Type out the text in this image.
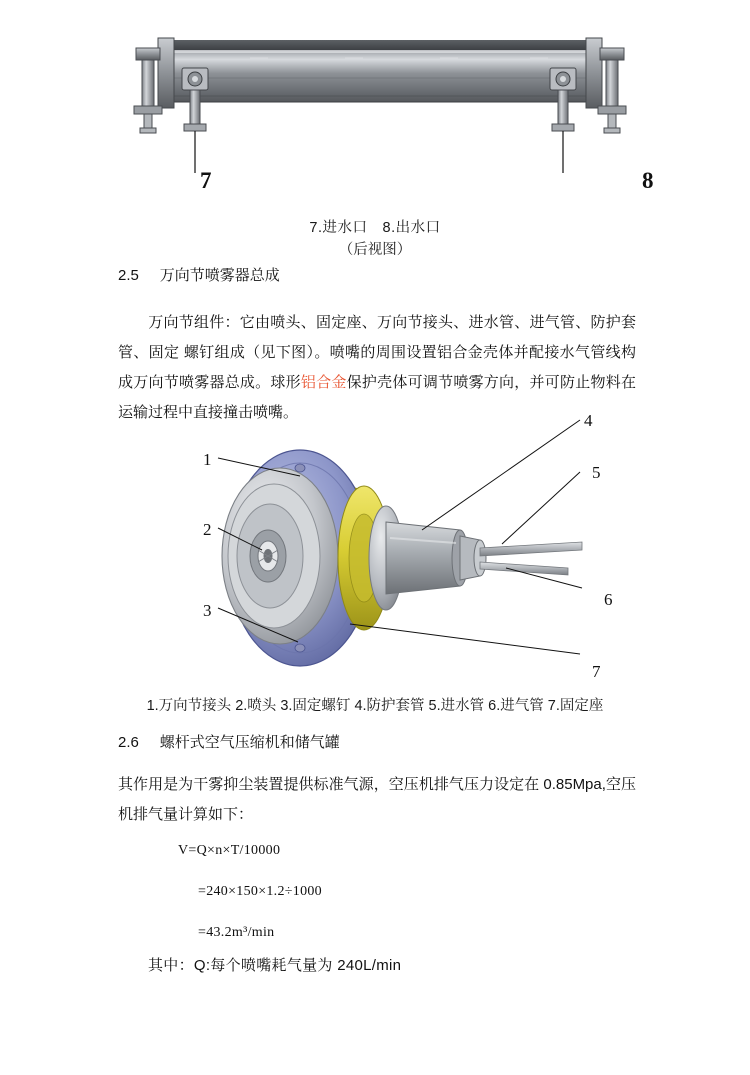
7	8
7.进水口　8.出水口
（后视图）
2.5 万向节喷雾器总成
万向节组件：它由喷头、固定座、万向节接头、进水管、进气管、防护套管、固定 螺钉组成（见下图）。喷嘴的周围设置铝合金壳体并配接水气管线构成万向节喷雾器总成。球形铝合金保护壳体可调节喷雾方向，并可防止物料在运输过程中直接撞击喷嘴。
1
2
3
4
5
6
7
1.万向节接头 2.喷头 3.固定螺钉 4.防护套管 5.进水管 6.进气管 7.固定座
2.6 螺杆式空气压缩机和储气罐
其作用是为干雾抑尘装置提供标准气源，空压机排气压力设定在 0.85Mpa,空压机排气量计算如下：
V=Q×n×T/10000
=240×150×1.2÷1000
=43.2m³/min
其中：Q:每个喷嘴耗气量为 240L/min
